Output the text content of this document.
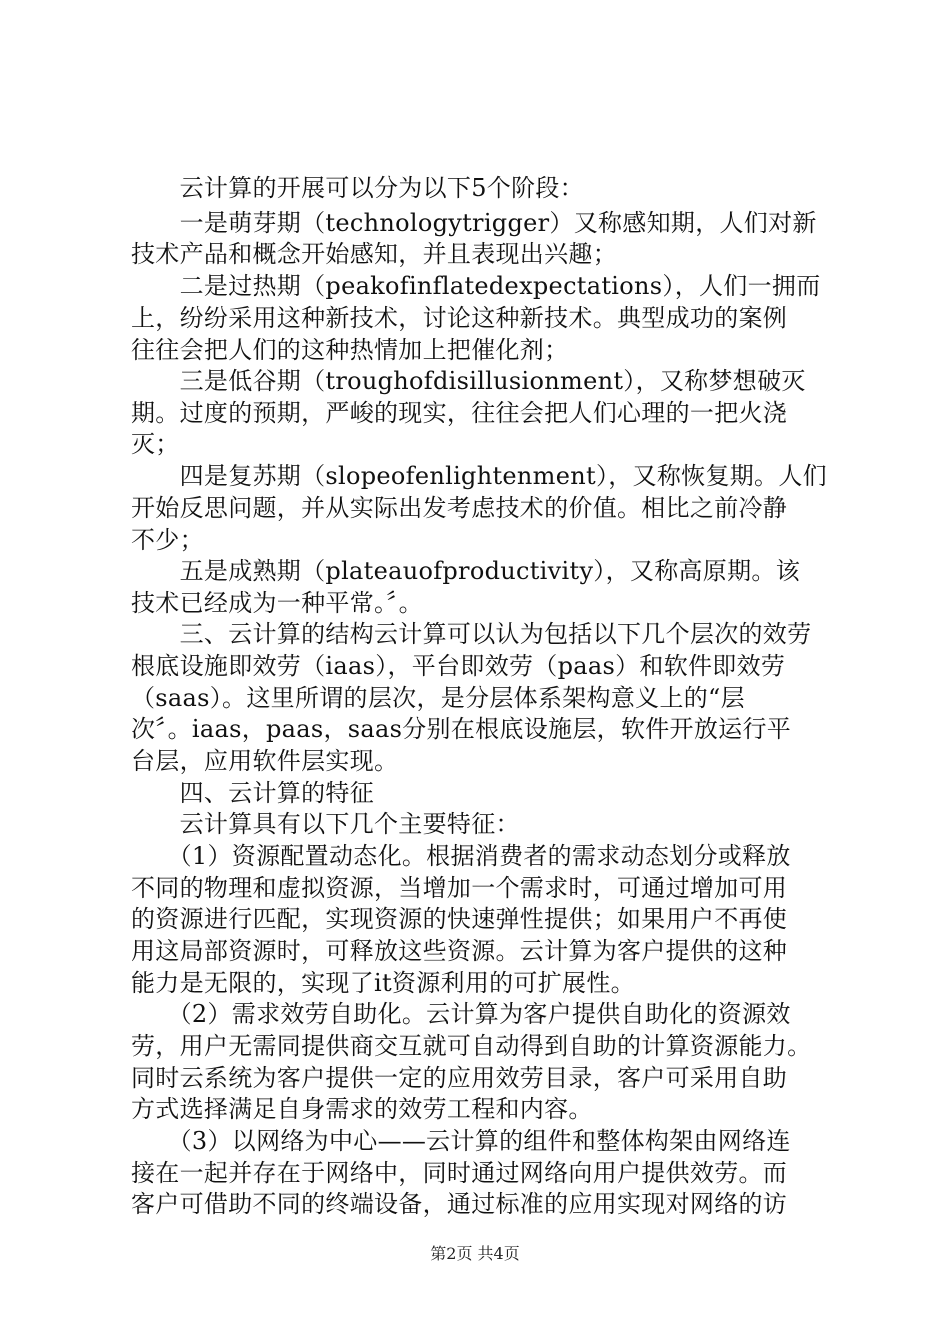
　　云计算的开展可以分为以下5个阶段：
　　一是萌芽期（technologytrigger）又称感知期，人们对新
技术产品和概念开始感知，并且表现出兴趣；
　　二是过热期（peakofinflatedexpectations），人们一拥而
上，纷纷采用这种新技术，讨论这种新技术。典型成功的案例
往往会把人们的这种热情加上把催化剂；
　　三是低谷期（troughofdisillusionment），又称梦想破灭
期。过度的预期，严峻的现实，往往会把人们心理的一把火浇
灭；
　　四是复苏期（slopeofenlightenment），又称恢复期。人们
开始反思问题，并从实际出发考虑技术的价值。相比之前冷静
不少；
　　五是成熟期（plateauofproductivity），又称高原期。该
技术已经成为一种平常。〞。
　　三、云计算的结构云计算可以认为包括以下几个层次的效劳
根底设施即效劳（iaas），平台即效劳（paas）和软件即效劳
（saas）。这里所谓的层次，是分层体系架构意义上的“层
次〞。iaas，paas，saas分别在根底设施层，软件开放运行平
台层，应用软件层实现。
　　四、云计算的特征
　　云计算具有以下几个主要特征：
　　（1）资源配置动态化。根据消费者的需求动态划分或释放
不同的物理和虚拟资源，当增加一个需求时，可通过增加可用
的资源进行匹配，实现资源的快速弹性提供；如果用户不再使
用这局部资源时，可释放这些资源。云计算为客户提供的这种
能力是无限的，实现了it资源利用的可扩展性。
　　（2）需求效劳自助化。云计算为客户提供自助化的资源效
劳，用户无需同提供商交互就可自动得到自助的计算资源能力。
同时云系统为客户提供一定的应用效劳目录，客户可采用自助
方式选择满足自身需求的效劳工程和内容。
　　（3）以网络为中心——云计算的组件和整体构架由网络连
接在一起并存在于网络中，同时通过网络向用户提供效劳。而
客户可借助不同的终端设备，通过标准的应用实现对网络的访
第2页 共4页
